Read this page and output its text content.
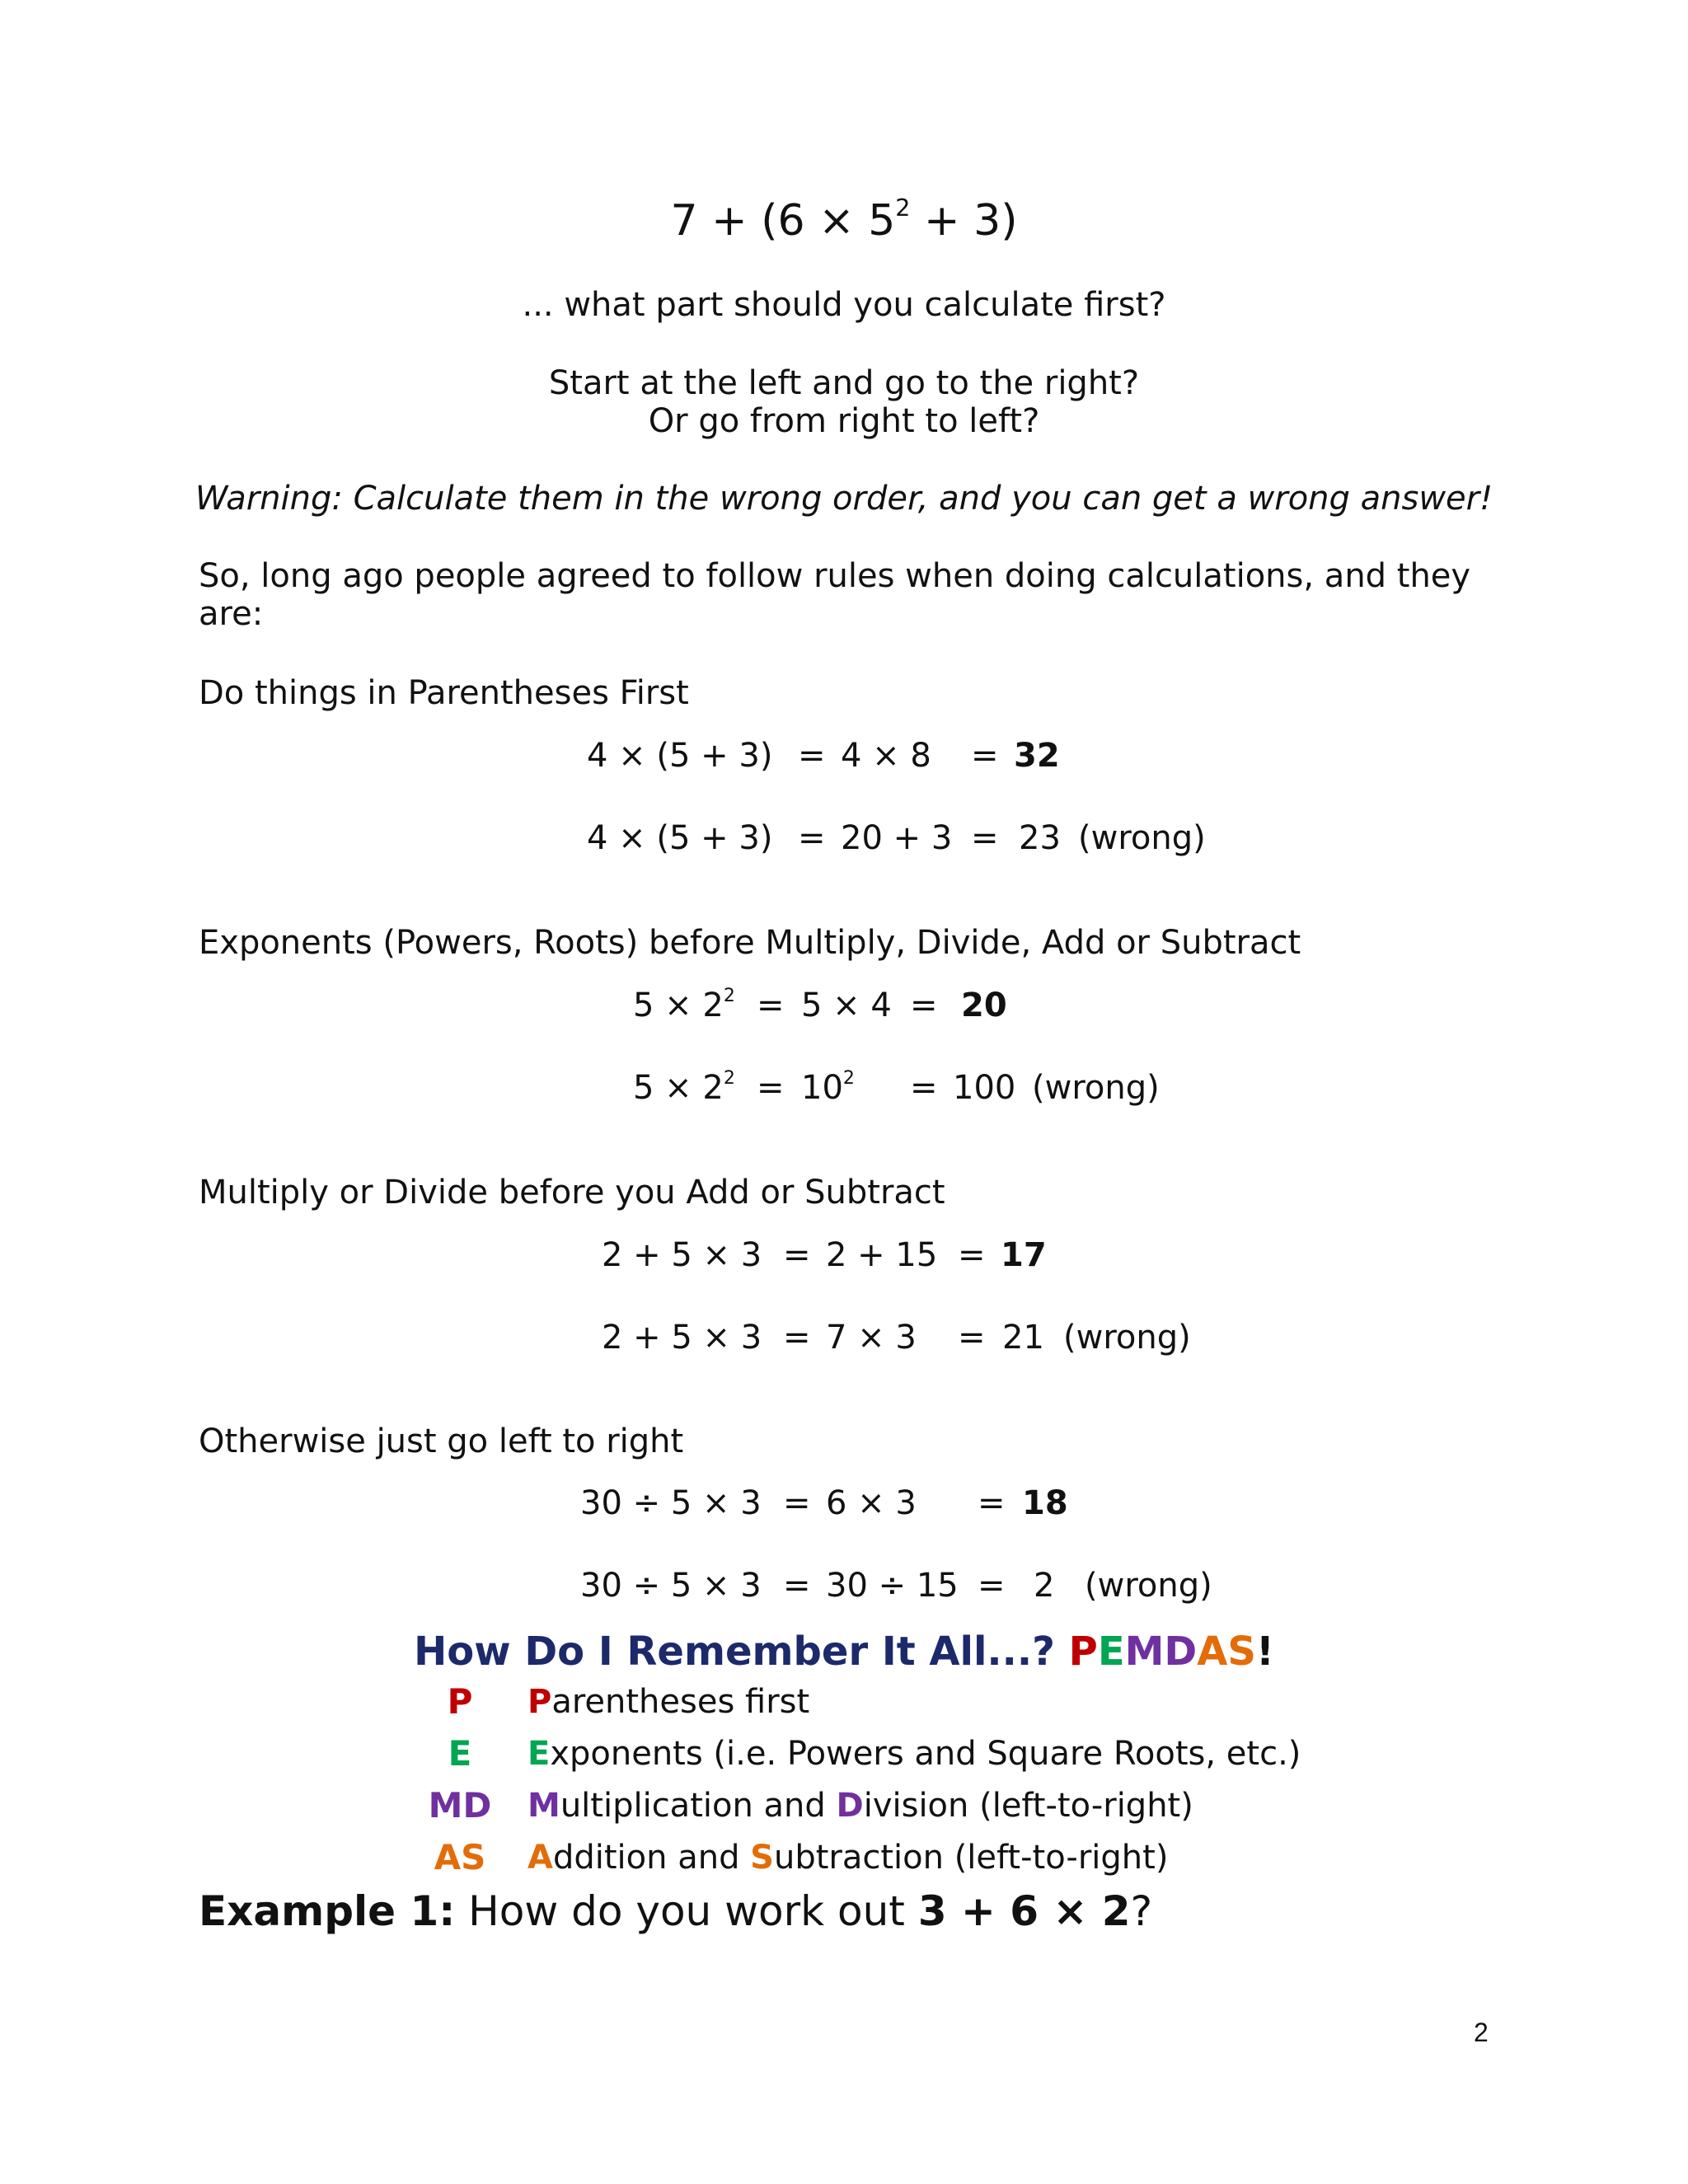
$7 + (6 \times 5^2 + 3)$
... what part should you calculate first?
Start at the left and go to the right?
Or go from right to left?
Warning: Calculate them in the wrong order, and you can get a wrong answer!
So, long ago people agreed to follow rules when doing calculations, and they
are:
Do things in Parentheses First
4 × (5 + 3) = 4 × 8 = 32
4 × (5 + 3) = 20 + 3 = 23 (wrong)
Exponents (Powers, Roots) before Multiply, Divide, Add or Subtract
$5 \times 2^2 = 5 \times 4 = 20$
$5 \times 2^2 = 10^2 = 100$ (wrong)
Multiply or Divide before you Add or Subtract
2 + 5 × 3 = 2 + 15 = 17
2 + 5 × 3 = 7 × 3 = 21 (wrong)
Otherwise just go left to right
30 ÷ 5 × 3 = 6 × 3 = 18
30 ÷ 5 × 3 = 30 ÷ 15 = 2 (wrong)
How Do I Remember It All...? PEMDAS!
P	Parentheses first
E	Exponents (i.e. Powers and Square Roots, etc.)
MD	Multiplication and Division (left-to-right)
AS	Addition and Subtraction (left-to-right)
Example 1: How do you work out 3 + 6 × 2?
2
